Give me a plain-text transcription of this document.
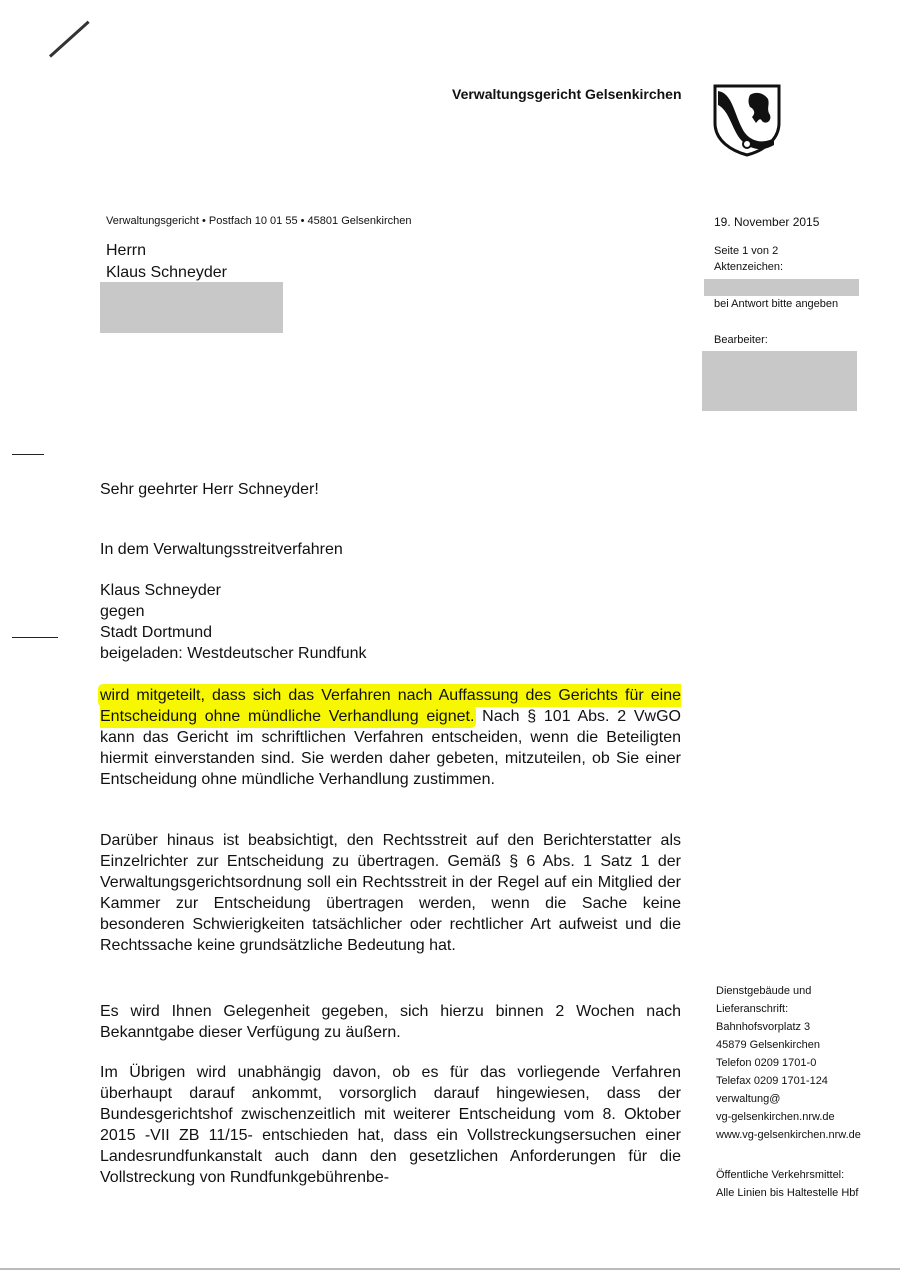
Verwaltungsgericht Gelsenkirchen
Verwaltungsgericht • Postfach 10 01 55 • 45801 Gelsenkirchen
Herrn
Klaus Schneyder
19. November 2015
Seite 1 von 2
Aktenzeichen:
bei Antwort bitte angeben
Bearbeiter:
Sehr geehrter Herr Schneyder!
In dem Verwaltungsstreitverfahren
Klaus Schneyder
gegen
Stadt Dortmund
beigeladen: Westdeutscher Rundfunk
wird mitgeteilt, dass sich das Verfahren nach Auffassung des Gerichts für eine Entscheidung ohne mündliche Verhandlung eignet. Nach § 101 Abs. 2 VwGO kann das Gericht im schriftlichen Verfahren entscheiden, wenn die Beteiligten hiermit einverstanden sind. Sie werden daher gebeten, mitzuteilen, ob Sie einer Entscheidung ohne mündliche Verhandlung zustimmen.
Darüber hinaus ist beabsichtigt, den Rechtsstreit auf den Berichterstatter als Einzelrichter zur Entscheidung zu übertragen. Gemäß § 6 Abs. 1 Satz 1 der Verwaltungsgerichtsordnung soll ein Rechtsstreit in der Regel auf ein Mitglied der Kammer zur Entscheidung übertragen werden, wenn die Sache keine besonderen Schwierigkeiten tatsächlicher oder rechtlicher Art aufweist und die Rechtssache keine grundsätzliche Bedeutung hat.
Es wird Ihnen Gelegenheit gegeben, sich hierzu binnen 2 Wochen nach Bekanntgabe dieser Verfügung zu äußern.
Im Übrigen wird unabhängig davon, ob es für das vorliegende Verfahren überhaupt darauf ankommt, vorsorglich darauf hingewiesen, dass der Bundesgerichtshof zwischenzeitlich mit weiterer Entscheidung vom 8. Oktober 2015 -VII ZB 11/15- entschieden hat, dass ein Vollstreckungsersuchen einer Landesrundfunkanstalt auch dann den gesetzlichen Anforderungen für die Vollstreckung von Rundfunkgebührenbe-
Dienstgebäude und
Lieferanschrift:
Bahnhofsvorplatz 3
45879 Gelsenkirchen
Telefon 0209 1701-0
Telefax 0209 1701-124
verwaltung@
vg-gelsenkirchen.nrw.de
www.vg-gelsenkirchen.nrw.de
Öffentliche Verkehrsmittel:
Alle Linien bis Haltestelle Hbf
